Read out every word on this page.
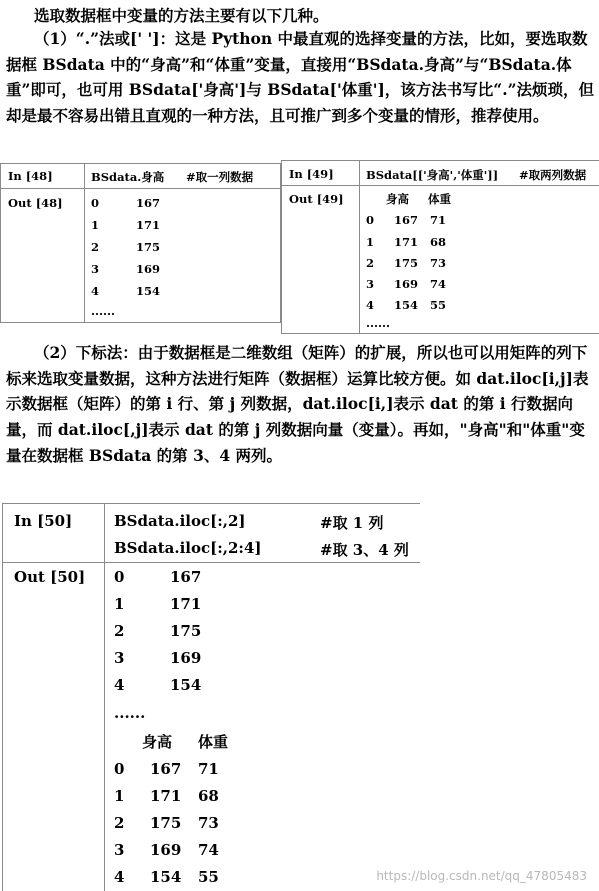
选取数据框中变量的方法主要有以下几种。
（1）“.”法或[' ']：这是 Python 中最直观的选择变量的方法，比如，要选取数据框 BSdata 中的“身高”和“体重”变量，直接用“BSdata.身高”与“BSdata.体重”即可，也可用 BSdata['身高']与 BSdata['体重']，该方法书写比“.”法烦琐，但却是最不容易出错且直观的一种方法，且可推广到多个变量的情形，推荐使用。
In [48]	BSdata.身高 #取一列数据
Out [48] 0	167
1	171
2	175
3	169
4	154
......
In [49]	BSdata[['身高','体重']] #取两列数据
Out [49]	身高 体重
0 167 71
1 171 68
2 175 73
3 169 74
4 154 55
......
（2）下标法：由于数据框是二维数组（矩阵）的扩展，所以也可以用矩阵的列下标来选取变量数据，这种方法进行矩阵（数据框）运算比较方便。如 dat.iloc[i,j]表示数据框（矩阵）的第 i 行、第 j 列数据，dat.iloc[i,]表示 dat 的第 i 行数据向量，而 dat.iloc[,j]表示 dat 的第 j 列数据向量（变量）。再如，"身高"和"体重"变量在数据框 BSdata 的第 3、4 两列。
In [50]	BSdata.iloc[:,2]	#取 1 列
BSdata.iloc[:,2:4]	#取 3、4 列
Out [50] 0	167
1	171
2	175
3	169
4	154
......
身高 体重
0 167 71
1 171 68
2 175 73
3 169 74
4 154 55	https://blog.csdn.net/qq_47805483
